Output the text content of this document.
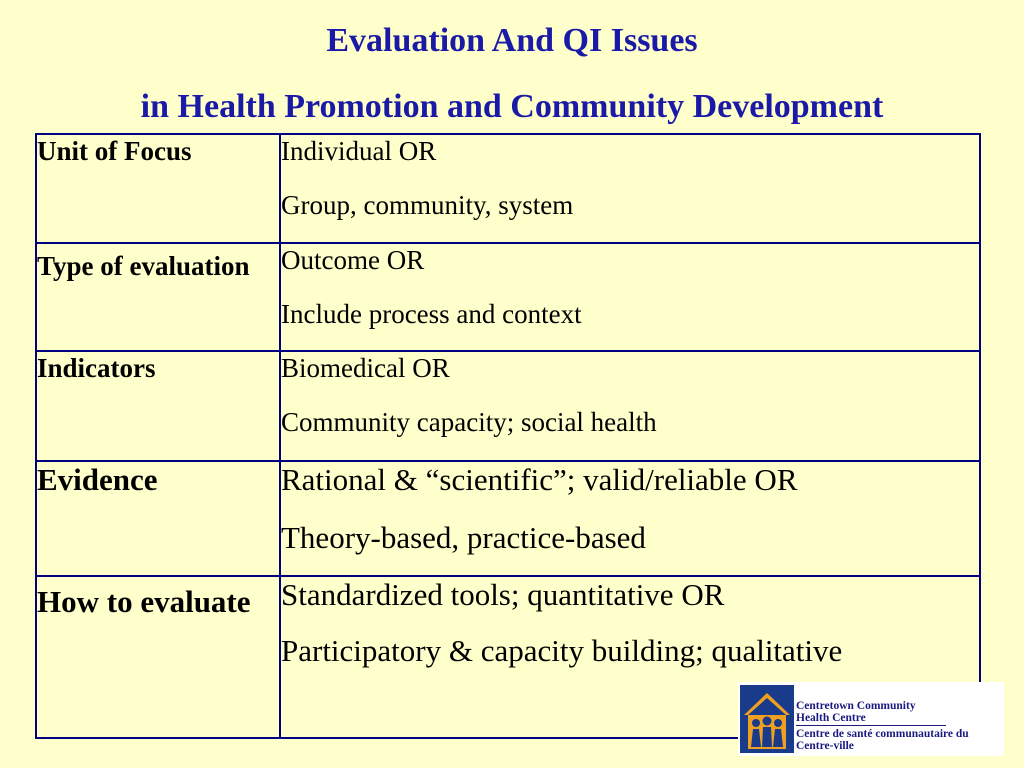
Evaluation And QI Issues
in Health Promotion and Community Development
Unit of Focus	Individual OR

Group, community, system

Type of evaluation	Outcome OR

Include process and context

Indicators	Biomedical OR

Community capacity; social health

Evidence	Rational & “scientific”; valid/reliable OR

Theory-based, practice-based

How to evaluate	Standardized tools; quantitative OR

Participatory & capacity building; qualitative

Centretown Community Health Centre
Centre de santé communautaire du Centre-ville
